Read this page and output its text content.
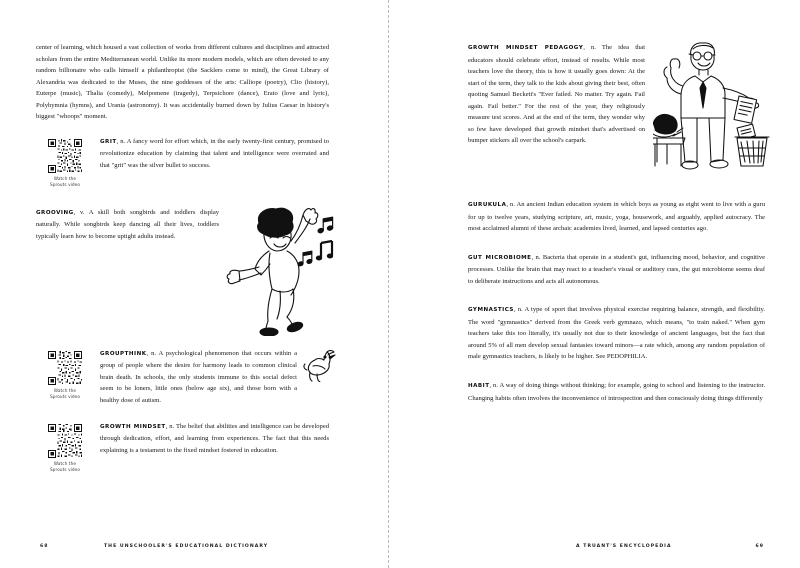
center of learning, which housed a vast collection of works from different cultures and disciplines and attracted scholars from the entire Mediterranean world. Unlike its more modern models, which are often devoted to any random billionaire who calls himself a philanthropist (the Sacklers come to mind), the Great Library of Alexandria was dedicated to the Muses, the nine goddesses of the arts: Calliope (poetry), Clio (history), Euterpe (music), Thalia (comedy), Melpomene (tragedy), Terpsichore (dance), Erato (love and lyric), Polyhymnia (hymns), and Urania (astronomy). It was accidentally burned down by Julius Caesar in history's biggest "whoops" moment.

Watch the
Sprouts video

GRIT, n. A fancy word for effort which, in the early twenty-first century, promised to revolutionize education by claiming that talent and intelligence were overrated and that "grit" was the silver bullet to success.

GROOVING, v. A skill both songbirds and toddlers display naturally. While songbirds keep dancing all their lives, toddlers typically learn how to become uptight adults instead.

Watch the
Sprouts video

GROUPTHINK, n. A psychological phenomenon that occurs within a group of people where the desire for harmony leads to common clinical brain death. In schools, the only students immune to this social defect seem to be loners, little ones (below age six), and those born with a healthy dose of autism.

Watch the
Sprouts video

GROWTH MINDSET, n. The belief that abilities and intelligence can be developed through dedication, effort, and learning from experiences. The fact that this needs explaining is a testament to the fixed mindset fostered in education.

68	THE UNSCHOOLER'S EDUCATIONAL DICTIONARY

GROWTH MINDSET PEDAGOGY, n. The idea that educators should celebrate effort, instead of results. While most teachers love the theory, this is how it usually goes down: At the start of the term, they talk to the kids about giving their best, often quoting Samuel Beckett's "Ever failed. No matter. Try again. Fail again. Fail better." For the rest of the year, they religiously measure test scores. And at the end of the term, they wonder why so few have developed that growth mindset that's advertised on bumper stickers all over the school's carpark.

GURUKULA, n. An ancient Indian education system in which boys as young as eight went to live with a guru for up to twelve years, studying scripture, art, music, yoga, housework, and arguably, applied autocracy. The most acclaimed alumni of these archaic academies lived, learned, and lapsed centuries ago.

GUT MICROBIOME, n. Bacteria that operate in a student's gut, influencing mood, behavior, and cognitive processes. Unlike the brain that may react to a teacher's visual or auditory cues, the gut microbiome seems deaf to deliberate instructions and acts all autonomous.

GYMNASTICS, n. A type of sport that involves physical exercise requiring balance, strength, and flexibility. The word "gymnastics" derived from the Greek verb gymnazo, which means, "to train naked." When gym teachers take this too literally, it's usually not due to their knowledge of ancient languages, but the fact that around 5% of all men develop sexual fantasies toward minors—a rate which, among any random population of male gymnastics teachers, is likely to be higher. See PEDOPHILIA.

HABIT, n. A way of doing things without thinking; for example, going to school and listening to the instructor. Changing habits often involves the inconvenience of introspection and then consciously doing things differently

A TRUANT'S ENCYCLOPEDIA	69
